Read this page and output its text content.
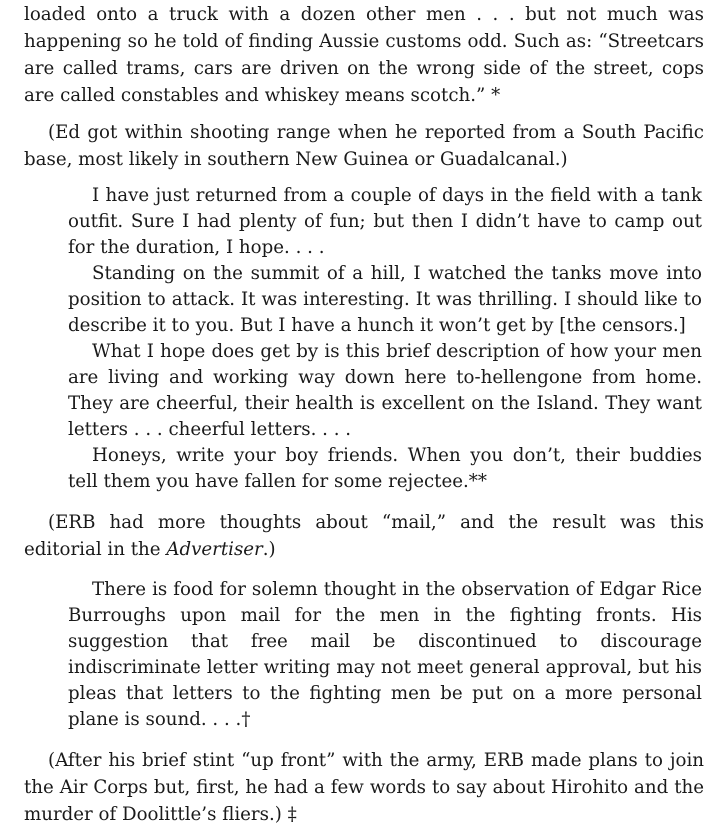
loaded onto a truck with a dozen other men . . . but not much was happening so he told of finding Aussie customs odd. Such as: “Streetcars are called trams, cars are driven on the wrong side of the street, cops are called constables and whiskey means scotch.” *

(Ed got within shooting range when he reported from a South Pacific base, most likely in southern New Guinea or Guadalcanal.)

I have just returned from a couple of days in the field with a tank outfit. Sure I had plenty of fun; but then I didn’t have to camp out for the duration, I hope. . . .
Standing on the summit of a hill, I watched the tanks move into position to attack. It was interesting. It was thrilling. I should like to describe it to you. But I have a hunch it won’t get by [the censors.]
What I hope does get by is this brief description of how your men are living and working way down here to-hellengone from home. They are cheerful, their health is excellent on the Island. They want letters . . . cheerful letters. . . .
Honeys, write your boy friends. When you don’t, their buddies tell them you have fallen for some rejectee.**

(ERB had more thoughts about “mail,” and the result was this editorial in the Advertiser.)

There is food for solemn thought in the observation of Edgar Rice Burroughs upon mail for the men in the fighting fronts. His suggestion that free mail be discontinued to discourage indiscriminate letter writing may not meet general approval, but his pleas that letters to the fighting men be put on a more personal plane is sound. . . .†

(After his brief stint “up front” with the army, ERB made plans to join the Air Corps but, first, he had a few words to say about Hirohito and the murder of Doolittle’s fliers.) ‡
